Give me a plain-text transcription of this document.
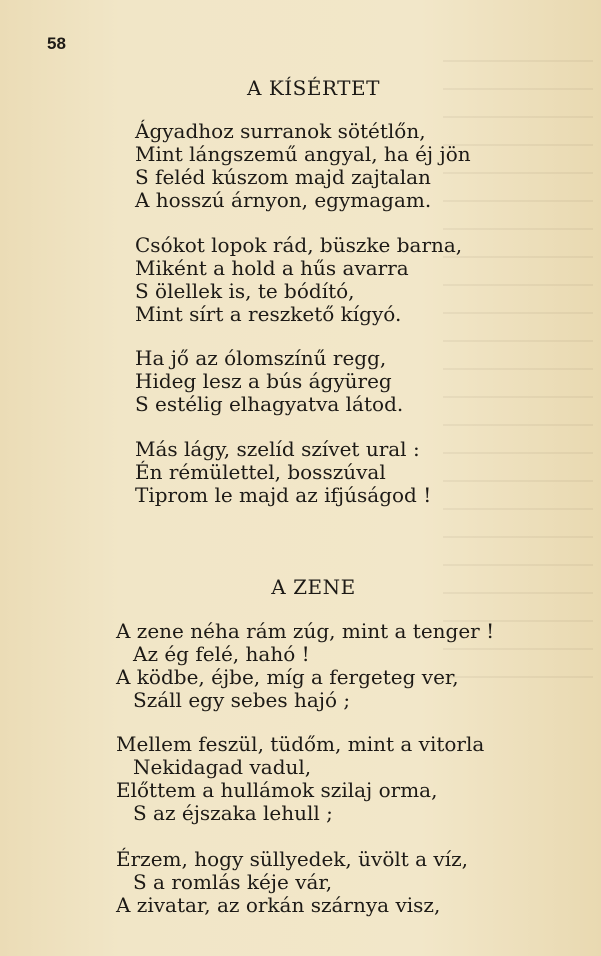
58
A KÍSÉRTET
Ágyadhoz surranok sötétlőn,
Mint lángszemű angyal, ha éj jön
S feléd kúszom majd zajtalan
A hosszú árnyon, egymagam.
Csókot lopok rád, büszke barna,
Miként a hold a hűs avarra
S ölellek is, te bódító,
Mint sírt a reszkető kígyó.
Ha jő az ólomszínű regg,
Hideg lesz a bús ágyüreg
S estélig elhagyatva látod.
Más lágy, szelíd szívet ural :
Én rémülettel, bosszúval
Tiprom le majd az ifjúságod !
A ZENE
A zene néha rám zúg, mint a tenger !
Az ég felé, hahó !
A ködbe, éjbe, míg a fergeteg ver,
Száll egy sebes hajó ;
Mellem feszül, tüdőm, mint a vitorla
Nekidagad vadul,
Előttem a hullámok szilaj orma,
S az éjszaka lehull ;
Érzem, hogy süllyedek, üvölt a víz,
S a romlás kéje vár,
A zivatar, az orkán szárnya visz,
